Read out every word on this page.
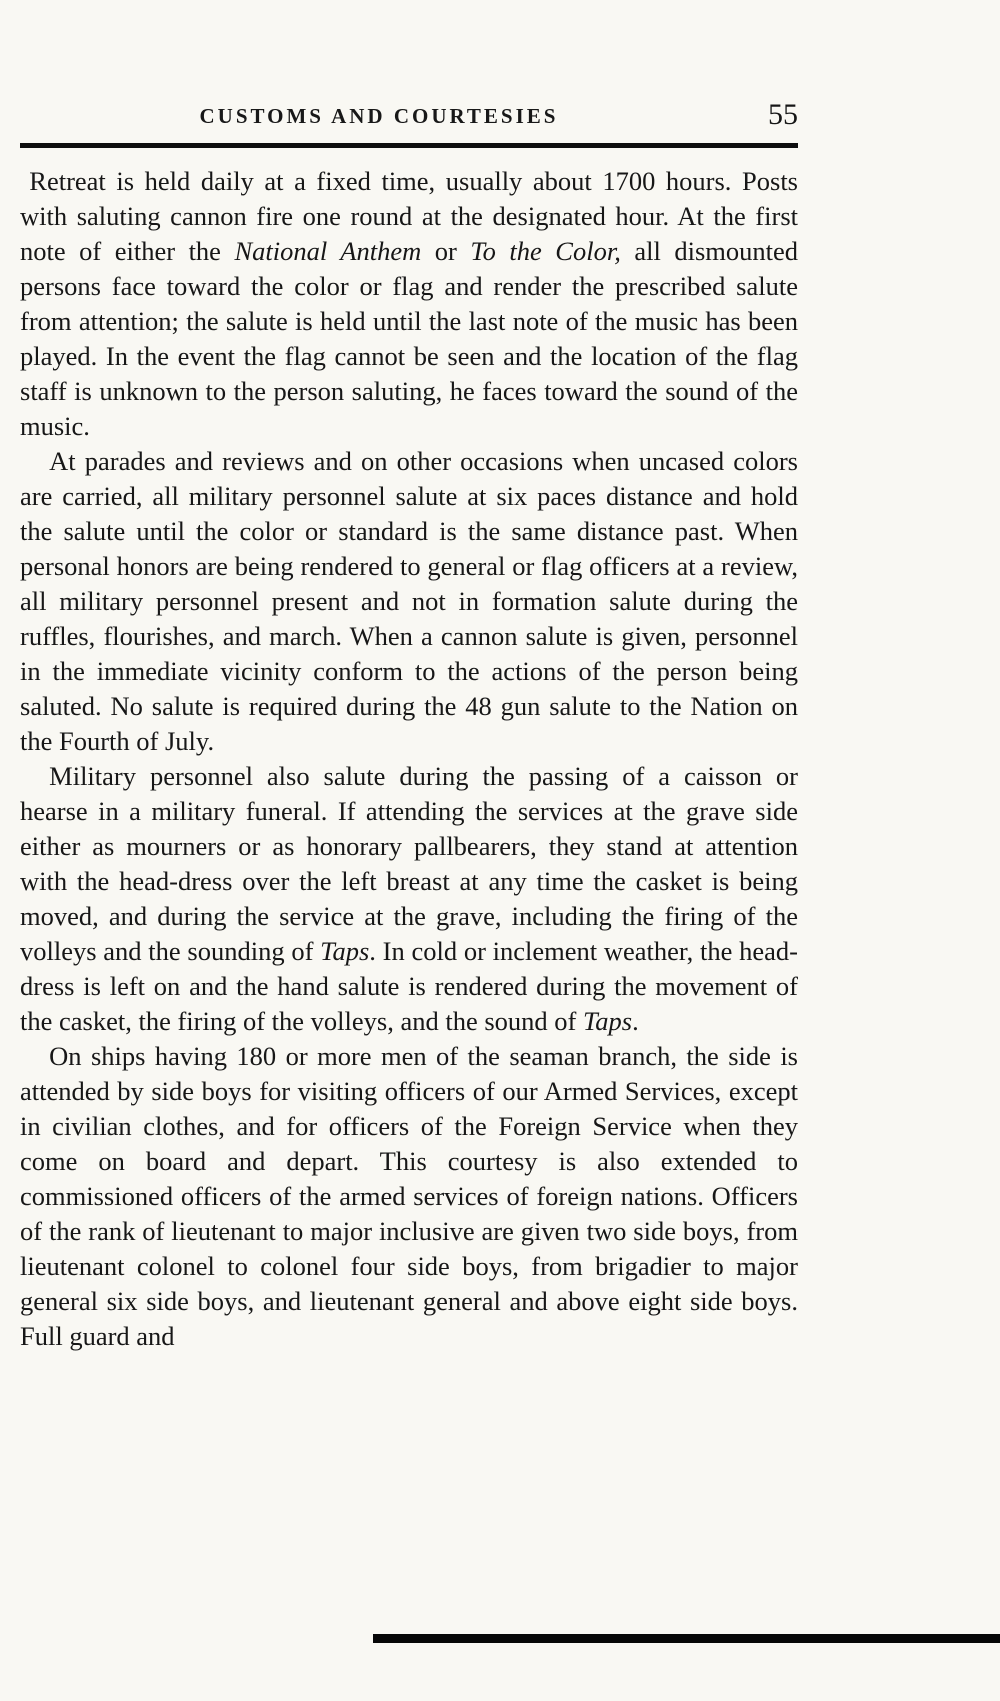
CUSTOMS AND COURTESIES	55

Retreat is held daily at a fixed time, usually about 1700 hours. Posts with saluting cannon fire one round at the designated hour. At the first note of either the National Anthem or To the Color, all dismounted persons face toward the color or flag and render the prescribed salute from attention; the salute is held until the last note of the music has been played. In the event the flag cannot be seen and the location of the flag staff is unknown to the person saluting, he faces toward the sound of the music.

At parades and reviews and on other occasions when uncased colors are carried, all military personnel salute at six paces distance and hold the salute until the color or standard is the same distance past. When personal honors are being rendered to general or flag officers at a review, all military personnel present and not in formation salute during the ruffles, flourishes, and march. When a cannon salute is given, personnel in the immediate vicinity conform to the actions of the person being saluted. No salute is required during the 48 gun salute to the Nation on the Fourth of July.

Military personnel also salute during the passing of a caisson or hearse in a military funeral. If attending the services at the grave side either as mourners or as honorary pallbearers, they stand at attention with the head-dress over the left breast at any time the casket is being moved, and during the service at the grave, including the firing of the volleys and the sounding of Taps. In cold or inclement weather, the head-dress is left on and the hand salute is rendered during the movement of the casket, the firing of the volleys, and the sound of Taps.

On ships having 180 or more men of the seaman branch, the side is attended by side boys for visiting officers of our Armed Services, except in civilian clothes, and for officers of the Foreign Service when they come on board and depart. This courtesy is also extended to commissioned officers of the armed services of foreign nations. Officers of the rank of lieutenant to major inclusive are given two side boys, from lieutenant colonel to colonel four side boys, from brigadier to major general six side boys, and lieutenant general and above eight side boys. Full guard and
